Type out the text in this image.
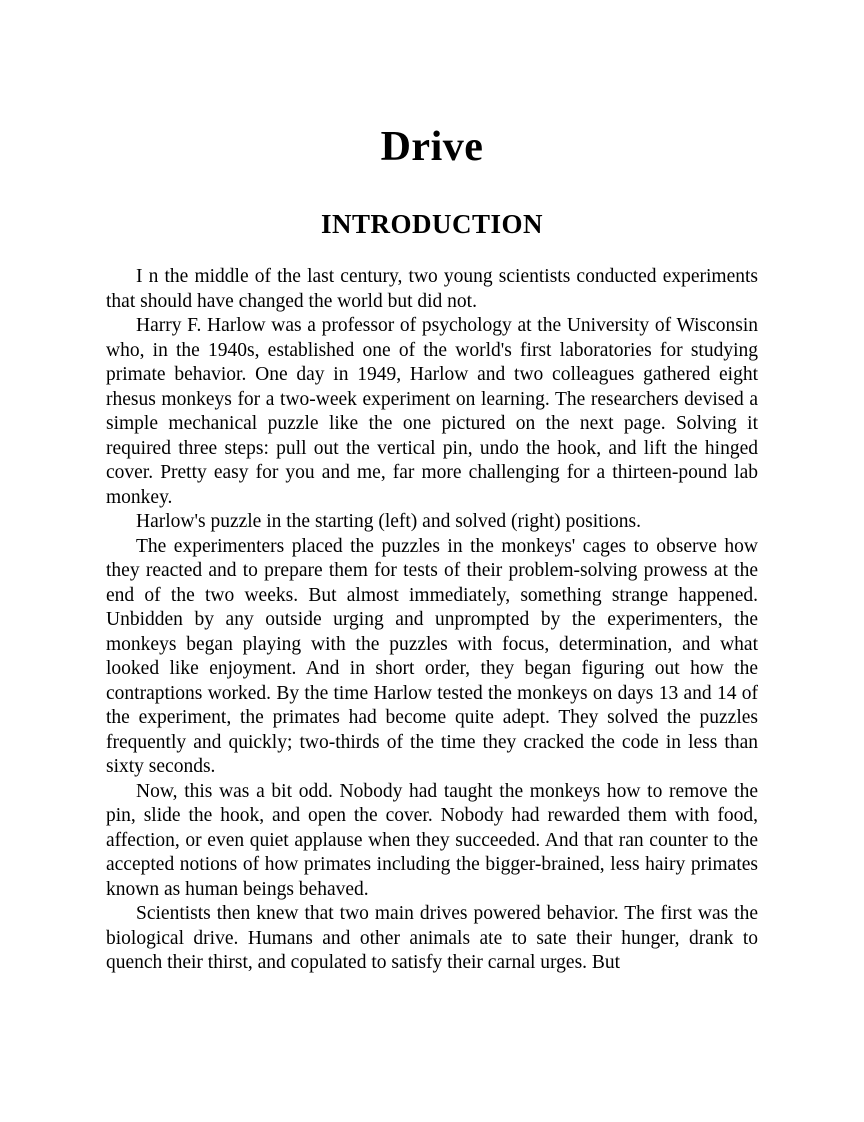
Drive
INTRODUCTION

I n the middle of the last century, two young scientists conducted experiments that should have changed the world but did not.

Harry F. Harlow was a professor of psychology at the University of Wisconsin who, in the 1940s, established one of the world's first laboratories for studying primate behavior. One day in 1949, Harlow and two colleagues gathered eight rhesus monkeys for a two-week experiment on learning. The researchers devised a simple mechanical puzzle like the one pictured on the next page. Solving it required three steps: pull out the vertical pin, undo the hook, and lift the hinged cover. Pretty easy for you and me, far more challenging for a thirteen-pound lab monkey.

Harlow's puzzle in the starting (left) and solved (right) positions.

The experimenters placed the puzzles in the monkeys' cages to observe how they reacted and to prepare them for tests of their problem-solving prowess at the end of the two weeks. But almost immediately, something strange happened. Unbidden by any outside urging and unprompted by the experimenters, the monkeys began playing with the puzzles with focus, determination, and what looked like enjoyment. And in short order, they began figuring out how the contraptions worked. By the time Harlow tested the monkeys on days 13 and 14 of the experiment, the primates had become quite adept. They solved the puzzles frequently and quickly; two-thirds of the time they cracked the code in less than sixty seconds.

Now, this was a bit odd. Nobody had taught the monkeys how to remove the pin, slide the hook, and open the cover. Nobody had rewarded them with food, affection, or even quiet applause when they succeeded. And that ran counter to the accepted notions of how primates including the bigger-brained, less hairy primates known as human beings behaved.

Scientists then knew that two main drives powered behavior. The first was the biological drive. Humans and other animals ate to sate their hunger, drank to quench their thirst, and copulated to satisfy their carnal urges. But
